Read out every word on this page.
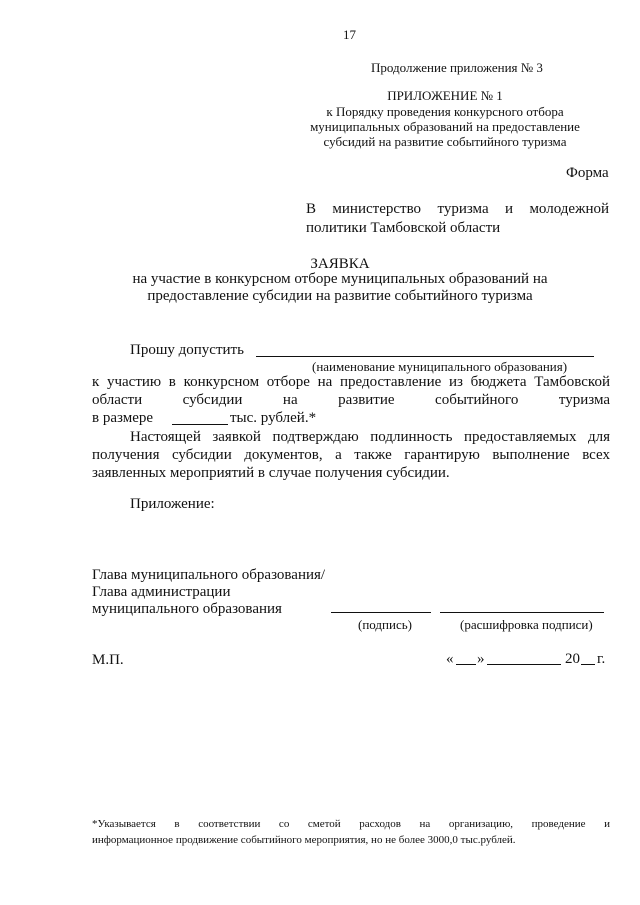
17
Продолжение приложения № 3
ПРИЛОЖЕНИЕ № 1
к Порядку проведения конкурсного отбора
муниципальных образований на предоставление
субсидий на развитие событийного туризма
Форма
В министерство туризма и молодежной
политики Тамбовской области
ЗАЯВКА
на участие в конкурсном отборе муниципальных образований на
предоставление субсидии на развитие событийного туризма
Прошу допустить
(наименование муниципального образования)
к участию в конкурсном отборе на предоставление из бюджета Тамбовской
области субсидии на развитие событийного туризма
в размере	тыс. рублей.*
Настоящей заявкой подтверждаю подлинность предоставляемых для
получения субсидии документов, а также гарантирую выполнение всех
заявленных мероприятий в случае получения субсидии.
Приложение:
Глава муниципального образования/
Глава администрации
муниципального образования
(подпись)	(расшифровка подписи)
М.П.	« »	20 г.
*Указывается в соответствии со сметой расходов на организацию, проведение и
информационное продвижение событийного мероприятия, но не более 3000,0 тыс.рублей.
